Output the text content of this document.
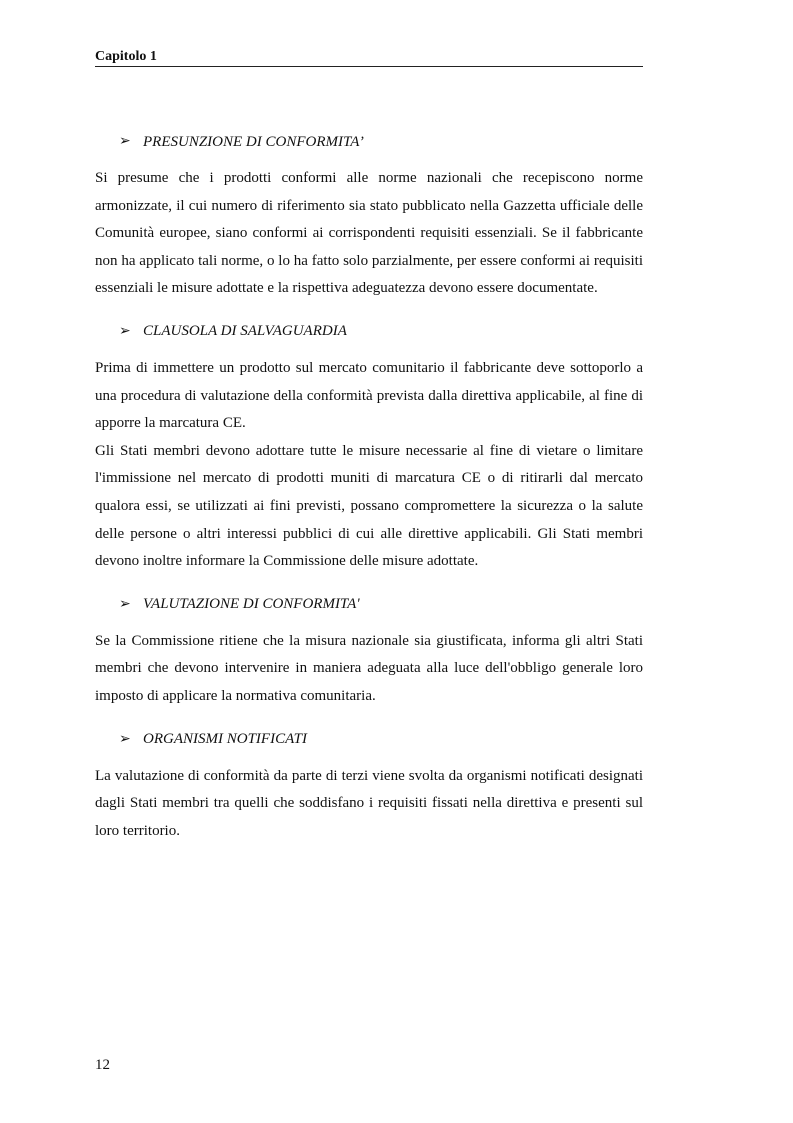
Capitolo 1
➢ PRESUNZIONE DI CONFORMITA’

Si presume che i prodotti conformi alle norme nazionali che recepiscono norme armonizzate, il cui numero di riferimento sia stato pubblicato nella Gazzetta ufficiale delle Comunità europee, siano conformi ai corrispondenti requisiti essenziali. Se il fabbricante non ha applicato tali norme, o lo ha fatto solo parzialmente, per essere conformi ai requisiti essenziali le misure adottate e la rispettiva adeguatezza devono essere documentate.

➢ CLAUSOLA DI SALVAGUARDIA

Prima di immettere un prodotto sul mercato comunitario il fabbricante deve sottoporlo a una procedura di valutazione della conformità prevista dalla direttiva applicabile, al fine di apporre la marcatura CE.

Gli Stati membri devono adottare tutte le misure necessarie al fine di vietare o limitare l'immissione nel mercato di prodotti muniti di marcatura CE o di ritirarli dal mercato qualora essi, se utilizzati ai fini previsti, possano compromettere la sicurezza o la salute delle persone o altri interessi pubblici di cui alle direttive applicabili. Gli Stati membri devono inoltre informare la Commissione delle misure adottate.

➢ VALUTAZIONE DI CONFORMITA'

Se la Commissione ritiene che la misura nazionale sia giustificata, informa gli altri Stati membri che devono intervenire in maniera adeguata alla luce dell'obbligo generale loro imposto di applicare la normativa comunitaria.

➢ ORGANISMI NOTIFICATI

La valutazione di conformità da parte di terzi viene svolta da organismi notificati designati dagli Stati membri tra quelli che soddisfano i requisiti fissati nella direttiva e presenti sul loro territorio.

12
